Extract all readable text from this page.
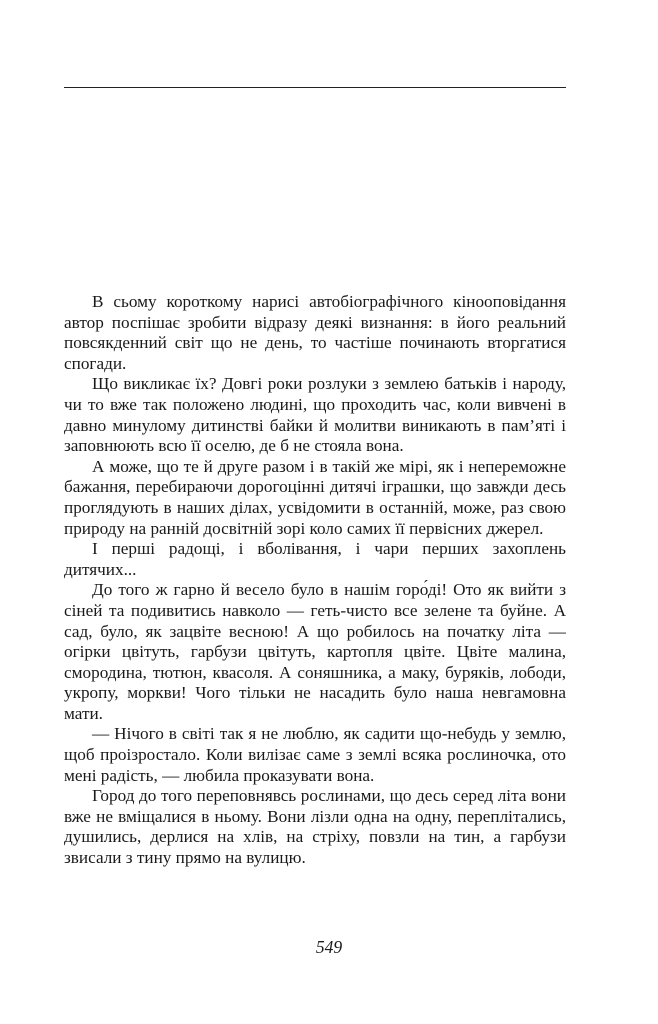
В сьому короткому нарисі автобіографічного кінооповідання автор поспішає зробити відразу деякі визнання: в його реальний повсякденний світ що не день, то частіше починають вторгатися спогади.

Що викликає їх? Довгі роки розлуки з землею батьків і народу, чи то вже так положено людині, що проходить час, коли вивчені в давно минулому дитинстві байки й молитви виникають в пам’яті і заповнюють всю її оселю, де б не стояла вона.

А може, що те й друге разом і в такій же мірі, як і непереможне бажання, перебираючи дорогоцінні дитячі іграшки, що завжди десь проглядують в наших ділах, усвідомити в останній, може, раз свою природу на ранній досвітній зорі коло самих її первісних джерел.

І перші радощі, і вболівання, і чари перших захоплень дитячих...

До того ж гарно й весело було в нашім горо́ді! Ото як вийти з сіней та подивитись навколо — геть-чисто все зелене та буйне. А сад, було, як зацвіте весною! А що робилось на початку літа — огірки цвітуть, гарбузи цвітуть, картопля цвіте. Цвіте малина, смородина, тютюн, квасоля. А соняшника, а маку, буряків, лободи, укропу, моркви! Чого тільки не насадить було наша невгамовна мати.

— Нічого в світі так я не люблю, як садити що-небудь у землю, щоб проізростало. Коли вилізає саме з землі всяка рослиночка, ото мені радість, — любила проказувати вона.

Город до того переповнявсь рослинами, що десь серед літа вони вже не вміщалися в ньому. Вони лізли одна на одну, переплітались, душились, дерлися на хлів, на стріху, повзли на тин, а гарбузи звисали з тину прямо на вулицю.

549
